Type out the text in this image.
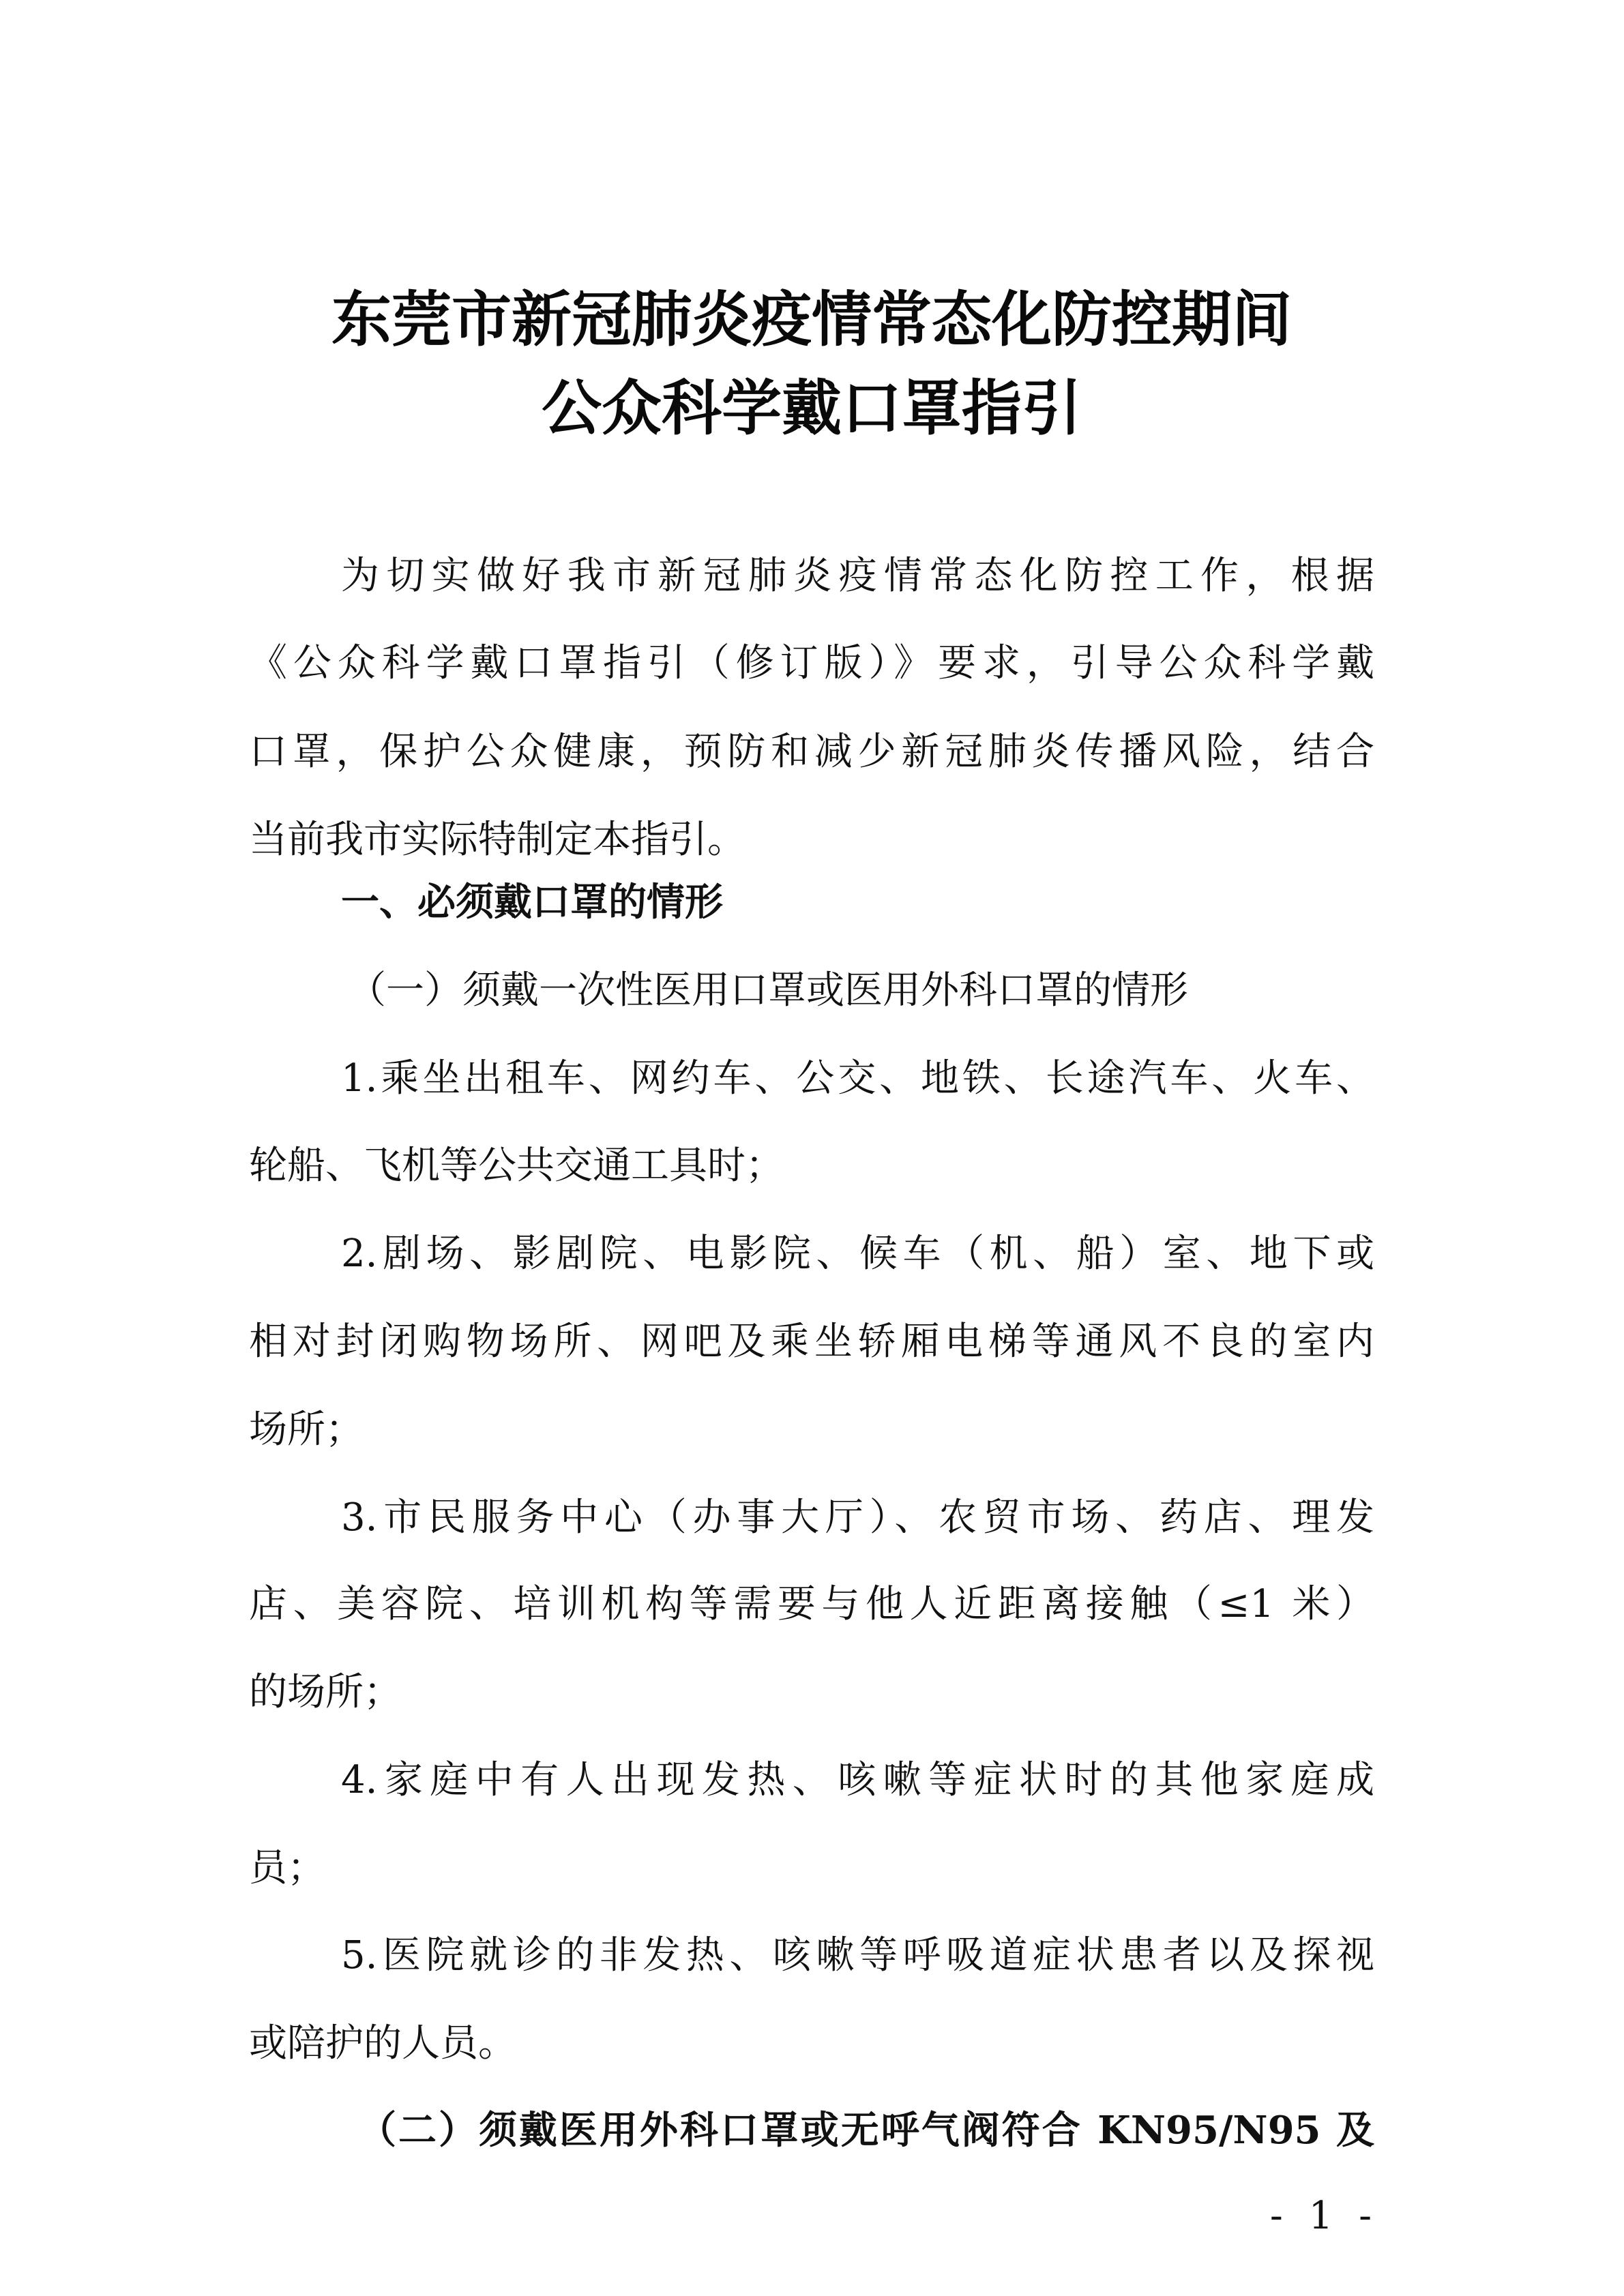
东莞市新冠肺炎疫情常态化防控期间
公众科学戴口罩指引
为切实做好我市新冠肺炎疫情常态化防控工作，根据
《公众科学戴口罩指引（修订版）》要求，引导公众科学戴
口罩，保护公众健康，预防和减少新冠肺炎传播风险，结合
当前我市实际特制定本指引。
一、必须戴口罩的情形
（一）须戴一次性医用口罩或医用外科口罩的情形
1.乘坐出租车、网约车、公交、地铁、长途汽车、火车、
轮船、飞机等公共交通工具时；
2.剧场、影剧院、电影院、候车（机、船）室、地下或
相对封闭购物场所、网吧及乘坐轿厢电梯等通风不良的室内
场所；
3.市民服务中心（办事大厅）、农贸市场、药店、理发
店、美容院、培训机构等需要与他人近距离接触（≤1 米）
的场所；
4.家庭中有人出现发热、咳嗽等症状时的其他家庭成
员；
5.医院就诊的非发热、咳嗽等呼吸道症状患者以及探视
或陪护的人员。
（二）须戴医用外科口罩或无呼气阀符合 KN95/N95 及
- 1 -
